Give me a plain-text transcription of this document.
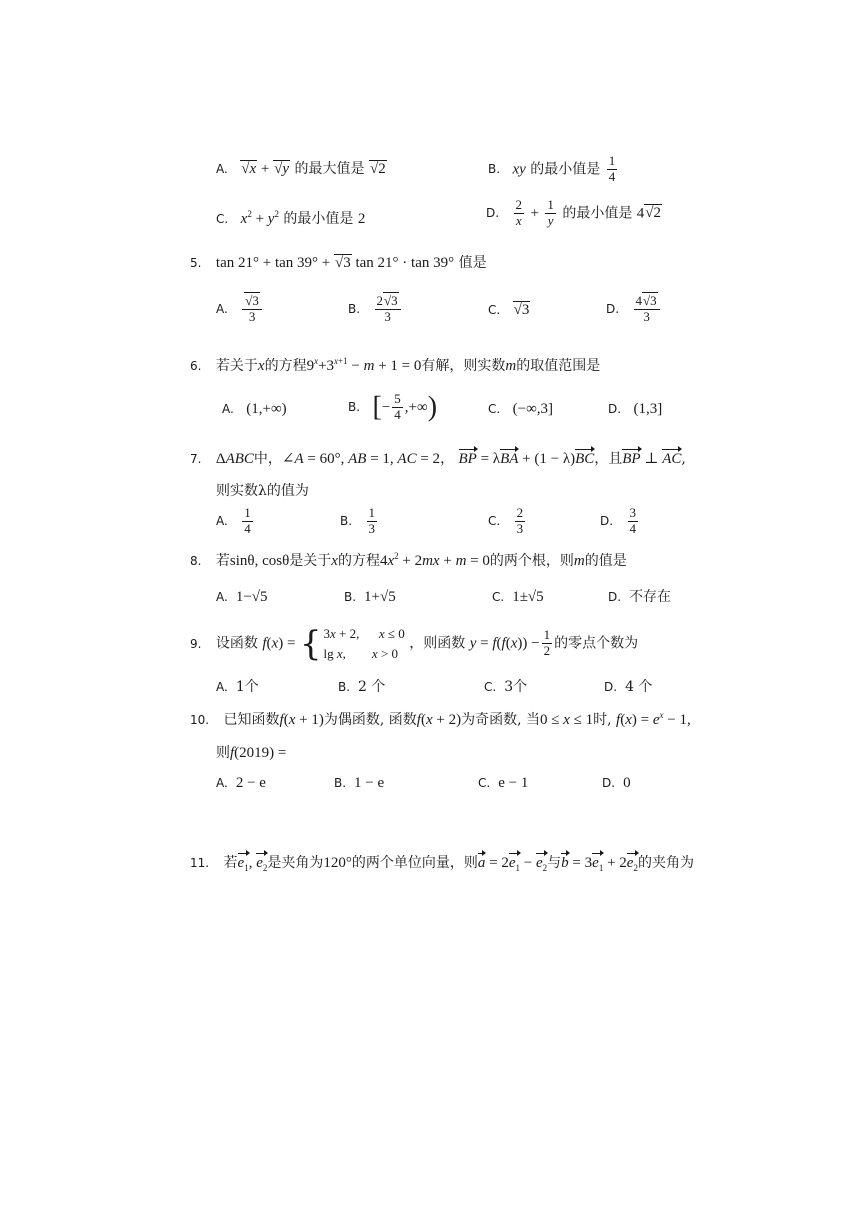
A. √ x + √ y 的最大值是 √ 2	B. xy 的最小值是 $\frac{1}{4}$
C. $x^2 + y^2$ 的最小值是 2	D. $\frac{2}{x} + \frac{1}{y}$ 的最小值是 4 √ 2
5. tan 21° + tan 39° + √ 3 tan 21° · tan 39° 值是
A. √ $\frac{3}{3}$	B. $\frac{2 √ 3}{3}$	C. √ 3	D. $\frac{4 √ 3}{3}$
6. 若关于x的方程$9^x+3^{x+1} - m + 1 = 0$有解，则实数m的取值范围是
A. (1,+∞)	B. [− $\frac{5}{4}$ ,+∞)	C. (−∞,3]	D. (1,3]
7. ΔABC中，∠A = 60°, AB = 1, AC = 2， BP = λBA + (1 − λ)BC，且BP ⊥ AC,
则实数λ的值为
A. $\frac{1}{4}$	B. $\frac{1}{3}$	C. $\frac{2}{3}$	D. $\frac{3}{4}$
8. 若sinθ, cosθ是关于x的方程$4x^2 + 2mx + m = 0$的两个根，则m的值是
A. 1−√5	B. 1+√5	C. 1±√5	D. 不存在
9. 设函数 f(x) = { 3x + 2,      x ≤ 0
lg x,        x > 0
，则函数 $y = f(f(x)) - \frac{1}{2}$ 的零点个数为
A. 1个	B. 2 个	C. 3个	D. 4 个
10. 已知函数f(x + 1)为偶函数, 函数f(x + 2)为奇函数, 当0 ≤ x ≤ 1时, $f(x) = e^x - 1$,
则f(2019) =
A. 2 − e	B. 1 − e	C. e − 1	D. 0
11. 若$e_1$, $e_2$是夹角为120°的两个单位向量，则$a = 2e_1 - e_2$与$b = 3e_1 + 2e_2$的夹角为
